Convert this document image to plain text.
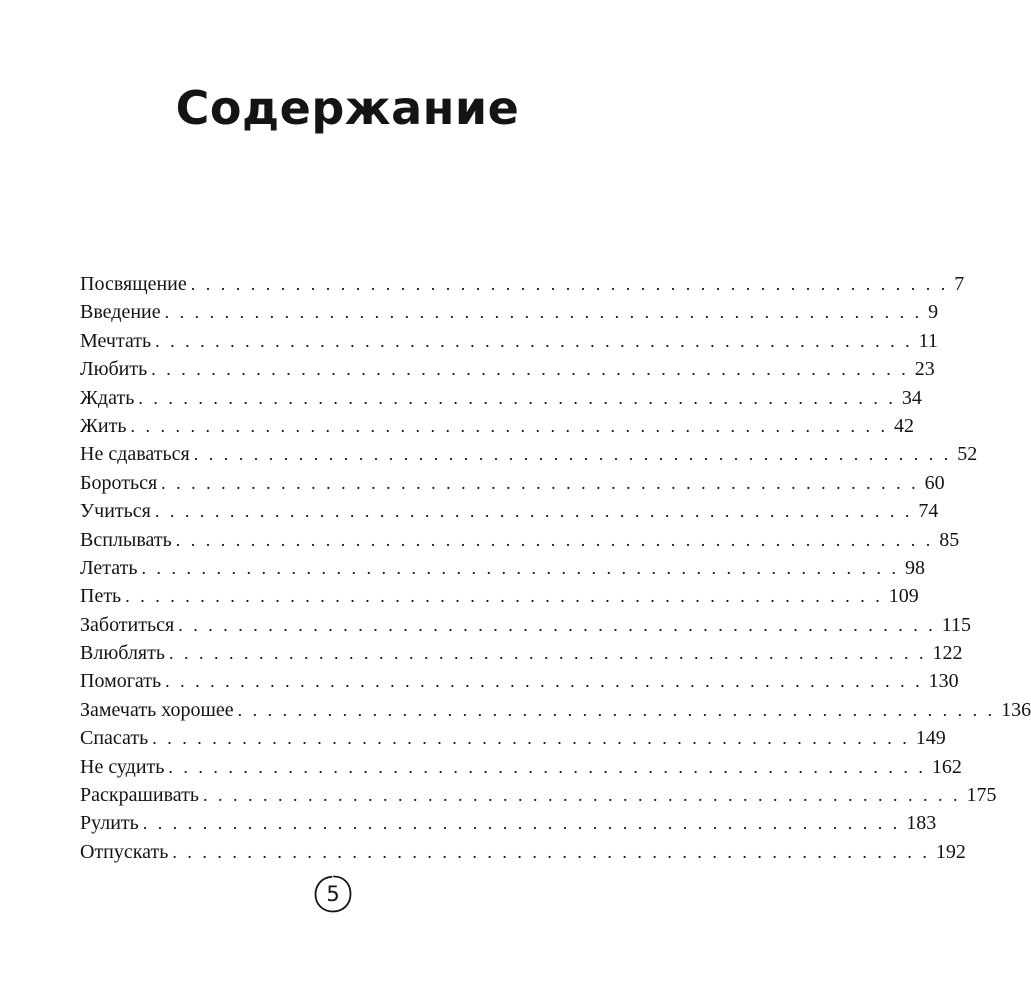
Содержание
Посвящение . . . . . . . . . . . . . . . . . . . . . . . . . . . . . . . . . . . . . . . . . . . . . . . . . . . 7
Введение . . . . . . . . . . . . . . . . . . . . . . . . . . . . . . . . . . . . . . . . . . . . . . . . . . . 9
Мечтать . . . . . . . . . . . . . . . . . . . . . . . . . . . . . . . . . . . . . . . . . . . . . . . . . . . 11
Любить . . . . . . . . . . . . . . . . . . . . . . . . . . . . . . . . . . . . . . . . . . . . . . . . . . . 23
Ждать . . . . . . . . . . . . . . . . . . . . . . . . . . . . . . . . . . . . . . . . . . . . . . . . . . . 34
Жить . . . . . . . . . . . . . . . . . . . . . . . . . . . . . . . . . . . . . . . . . . . . . . . . . . . 42
Не сдаваться . . . . . . . . . . . . . . . . . . . . . . . . . . . . . . . . . . . . . . . . . . . . . . . . . . . 52
Бороться . . . . . . . . . . . . . . . . . . . . . . . . . . . . . . . . . . . . . . . . . . . . . . . . . . . 60
Учиться . . . . . . . . . . . . . . . . . . . . . . . . . . . . . . . . . . . . . . . . . . . . . . . . . . . 74
Всплывать . . . . . . . . . . . . . . . . . . . . . . . . . . . . . . . . . . . . . . . . . . . . . . . . . . . 85
Летать . . . . . . . . . . . . . . . . . . . . . . . . . . . . . . . . . . . . . . . . . . . . . . . . . . . 98
Петь . . . . . . . . . . . . . . . . . . . . . . . . . . . . . . . . . . . . . . . . . . . . . . . . . . . 109
Заботиться . . . . . . . . . . . . . . . . . . . . . . . . . . . . . . . . . . . . . . . . . . . . . . . . . . . 115
Влюблять . . . . . . . . . . . . . . . . . . . . . . . . . . . . . . . . . . . . . . . . . . . . . . . . . . . 122
Помогать . . . . . . . . . . . . . . . . . . . . . . . . . . . . . . . . . . . . . . . . . . . . . . . . . . . 130
Замечать хорошее . . . . . . . . . . . . . . . . . . . . . . . . . . . . . . . . . . . . . . . . . . . . . . . . . . . 136
Спасать . . . . . . . . . . . . . . . . . . . . . . . . . . . . . . . . . . . . . . . . . . . . . . . . . . . 149
Не судить . . . . . . . . . . . . . . . . . . . . . . . . . . . . . . . . . . . . . . . . . . . . . . . . . . . 162
Раскрашивать . . . . . . . . . . . . . . . . . . . . . . . . . . . . . . . . . . . . . . . . . . . . . . . . . . . 175
Рулить . . . . . . . . . . . . . . . . . . . . . . . . . . . . . . . . . . . . . . . . . . . . . . . . . . . 183
Отпускать . . . . . . . . . . . . . . . . . . . . . . . . . . . . . . . . . . . . . . . . . . . . . . . . . . . 192
5
